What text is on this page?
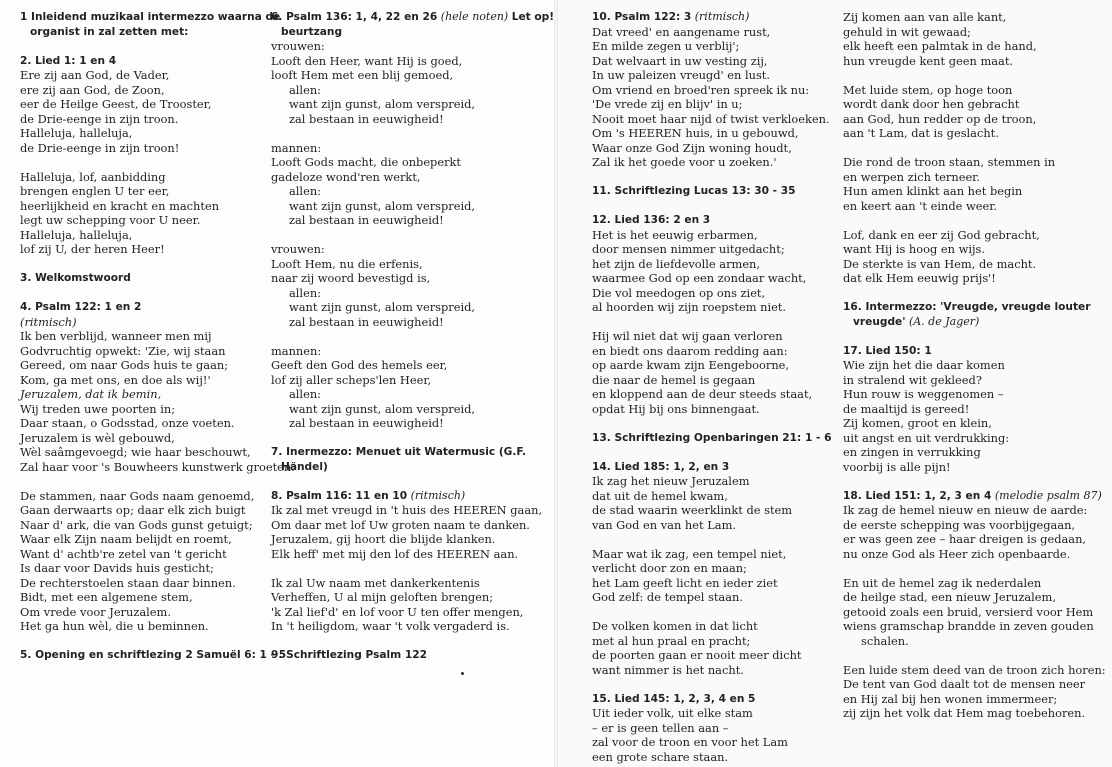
1 Inleidend muzikaal intermezzo waarna de
organist in zal zetten met:
2. Lied 1: 1 en 4
Ere zij aan God, de Vader,
ere zij aan God, de Zoon,
eer de Heilge Geest, de Trooster,
de Drie-eenge in zijn troon.
Halleluja, halleluja,
de Drie-eenge in zijn troon!
Halleluja, lof, aanbidding
brengen englen U ter eer,
heerlijkheid en kracht en machten
legt uw schepping voor U neer.
Halleluja, halleluja,
lof zij U, der heren Heer!
3. Welkomstwoord
4. Psalm 122: 1 en 2
(ritmisch)
Ik ben verblijd, wanneer men mij
Godvruchtig opwekt: 'Zie, wij staan
Gereed, om naar Gods huis te gaan;
Kom, ga met ons, en doe als wij!'
Jeruzalem, dat ik bemin,
Wij treden uwe poorten in;
Daar staan, o Godsstad, onze voeten.
Jeruzalem is wèl gebouwd,
Wèl saâmgevoegd; wie haar beschouwt,
Zal haar voor 's Bouwheers kunstwerk groeten.
De stammen, naar Gods naam genoemd,
Gaan derwaarts op; daar elk zich buigt
Naar d' ark, die van Gods gunst getuigt;
Waar elk Zijn naam belijdt en roemt,
Want d' achtb're zetel van 't gericht
Is daar voor Davids huis gesticht;
De rechterstoelen staan daar binnen.
Bidt, met een algemene stem,
Om vrede voor Jeruzalem.
Het ga hun wèl, die u beminnen.
5. Opening en schriftlezing 2 Samuël 6: 1 - 5
6. Psalm 136: 1, 4, 22 en 26 (hele noten) Let op!
beurtzang
vrouwen:
Looft den Heer, want Hij is goed,
looft Hem met een blij gemoed,
allen:
want zijn gunst, alom verspreid,
zal bestaan in eeuwigheid!
mannen:
Looft Gods macht, die onbeperkt
gadeloze wond'ren werkt,
allen:
want zijn gunst, alom verspreid,
zal bestaan in eeuwigheid!
vrouwen:
Looft Hem, nu die erfenis,
naar zij woord bevestigd is,
allen:
want zijn gunst, alom verspreid,
zal bestaan in eeuwigheid!
mannen:
Geeft den God des hemels eer,
lof zij aller scheps'len Heer,
allen:
want zijn gunst, alom verspreid,
zal bestaan in eeuwigheid!
7. Inermezzo: Menuet uit Watermusic (G.F.
Händel)
8. Psalm 116: 11 en 10 (ritmisch)
Ik zal met vreugd in 't huis des HEEREN gaan,
Om daar met lof Uw groten naam te danken.
Jeruzalem, gij hoort die blijde klanken.
Elk heff' met mij den lof des HEEREN aan.
Ik zal Uw naam met dankerkentenis
Verheffen, U al mijn geloften brengen;
'k Zal lief'd' en lof voor U ten offer mengen,
In 't heiligdom, waar 't volk vergaderd is.
9. Schriftlezing Psalm 122
10. Psalm 122: 3 (ritmisch)
Dat vreed' en aangename rust,
En milde zegen u verblij';
Dat welvaart in uw vesting zij,
In uw paleizen vreugd' en lust.
Om vriend en broed'ren spreek ik nu:
'De vrede zij en blijv' in u;
Nooit moet haar nijd of twist verkloeken.
Om 's HEEREN huis, in u gebouwd,
Waar onze God Zijn woning houdt,
Zal ik het goede voor u zoeken.'
11. Schriftlezing Lucas 13: 30 - 35
12. Lied 136: 2 en 3
Het is het eeuwig erbarmen,
door mensen nimmer uitgedacht;
het zijn de liefdevolle armen,
waarmee God op een zondaar wacht,
Die vol meedogen op ons ziet,
al hoorden wij zijn roepstem niet.
Hij wil niet dat wij gaan verloren
en biedt ons daarom redding aan:
op aarde kwam zijn Eengeboorne,
die naar de hemel is gegaan
en kloppend aan de deur steeds staat,
opdat Hij bij ons binnengaat.
13. Schriftlezing Openbaringen 21: 1 - 6
14. Lied 185: 1, 2, en 3
Ik zag het nieuw Jeruzalem
dat uit de hemel kwam,
de stad waarin weerklinkt de stem
van God en van het Lam.
Maar wat ik zag, een tempel niet,
verlicht door zon en maan;
het Lam geeft licht en ieder ziet
God zelf: de tempel staan.
De volken komen in dat licht
met al hun praal en pracht;
de poorten gaan er nooit meer dicht
want nimmer is het nacht.
15. Lied 145: 1, 2, 3, 4 en 5
Uit ieder volk, uit elke stam
– er is geen tellen aan –
zal voor de troon en voor het Lam
een grote schare staan.
Zij komen aan van alle kant,
gehuld in wit gewaad;
elk heeft een palmtak in de hand,
hun vreugde kent geen maat.
Met luide stem, op hoge toon
wordt dank door hen gebracht
aan God, hun redder op de troon,
aan 't Lam, dat is geslacht.
Die rond de troon staan, stemmen in
en werpen zich terneer.
Hun amen klinkt aan het begin
en keert aan 't einde weer.
Lof, dank en eer zij God gebracht,
want Hij is hoog en wijs.
De sterkte is van Hem, de macht.
dat elk Hem eeuwig prijs'!
16. Intermezzo: 'Vreugde, vreugde louter
vreugde' (A. de Jager)
17. Lied 150: 1
Wie zijn het die daar komen
in stralend wit gekleed?
Hun rouw is weggenomen –
de maaltijd is gereed!
Zij komen, groot en klein,
uit angst en uit verdrukking:
en zingen in verrukking
voorbij is alle pijn!
18. Lied 151: 1, 2, 3 en 4 (melodie psalm 87)
Ik zag de hemel nieuw en nieuw de aarde:
de eerste schepping was voorbijgegaan,
er was geen zee – haar dreigen is gedaan,
nu onze God als Heer zich openbaarde.
En uit de hemel zag ik nederdalen
de heilge stad, een nieuw Jeruzalem,
getooid zoals een bruid, versierd voor Hem
wiens gramschap brandde in zeven gouden
schalen.
Een luide stem deed van de troon zich horen:
De tent van God daalt tot de mensen neer
en Hij zal bij hen wonen immermeer;
zij zijn het volk dat Hem mag toebehoren.
